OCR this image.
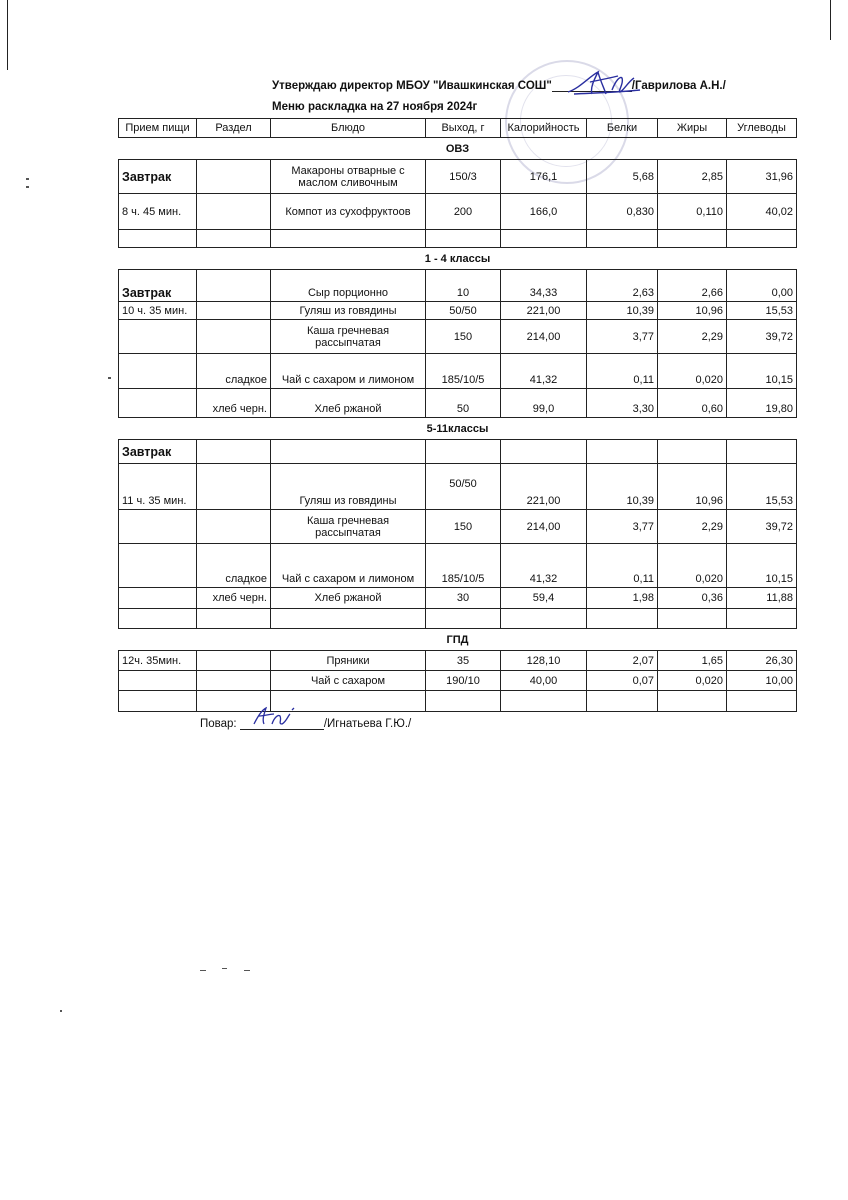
Утверждаю директор МБОУ "Ивашкинская СОШ"	/Гаврилова А.Н./
Меню раскладка на 27 ноября 2024г
Прием пищи	Раздел	Блюдо	Выход, г	Калорийность	Белки	Жиры	Углеводы
ОВЗ							
Завтрак		Макароны отварные с маслом сливочным	150/3	176,1	5,68	2,85	31,96
8 ч. 45 мин.		Компот из сухофруктоов	200	166,0	0,830	0,110	40,02

1 - 4 классы							
Завтрак		Сыр порционно	10	34,33	2,63	2,66	0,00
10 ч. 35 мин.		Гуляш из говядины	50/50	221,00	10,39	10,96	15,53
		Каша гречневая рассыпчатая	150	214,00	3,77	2,29	39,72
	сладкое	Чай с сахаром и лимоном	185/10/5	41,32	0,11	0,020	10,15
	хлеб черн.	Хлеб ржаной	50	99,0	3,30	0,60	19,80
5-11классы							
Завтрак							
11 ч. 35 мин.		Гуляш из говядины	50/50	221,00	10,39	10,96	15,53
		Каша гречневая рассыпчатая	150	214,00	3,77	2,29	39,72
	сладкое	Чай с сахаром и лимоном	185/10/5	41,32	0,11	0,020	10,15
	хлеб черн.	Хлеб ржаной	30	59,4	1,98	0,36	11,88

ГПД							
12ч. 35мин.		Пряники	35	128,10	2,07	1,65	26,30
		Чай с сахаром	190/10	40,00	0,07	0,020	10,00

Повар:	/Игнатьева Г.Ю./
